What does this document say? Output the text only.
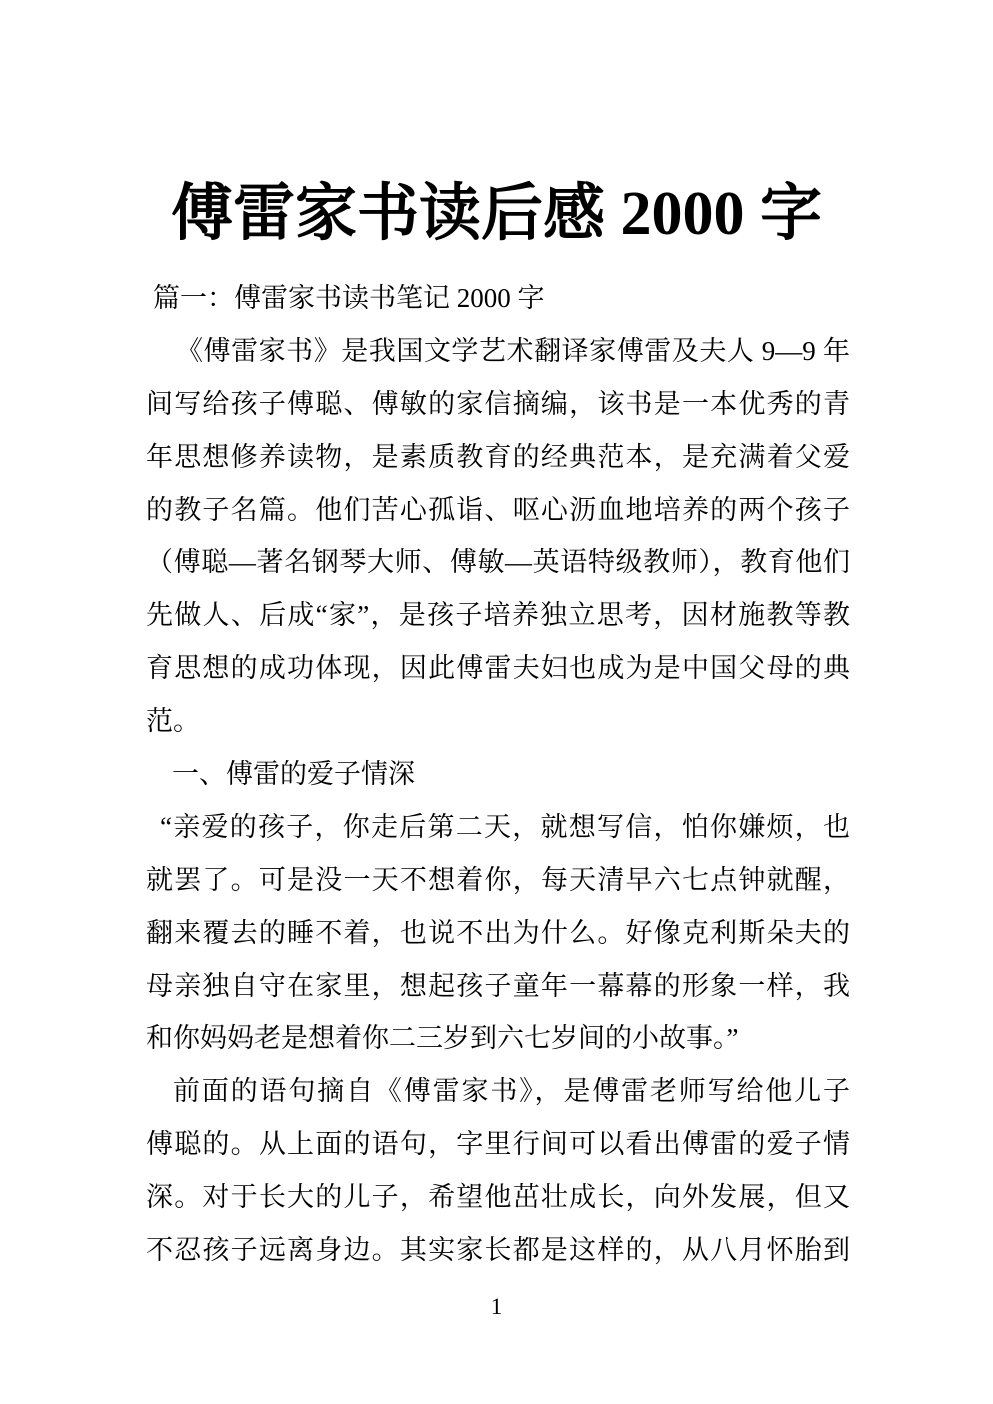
傅雷家书读后感 2000 字
篇一：傅雷家书读书笔记 2000 字
《傅雷家书》是我国文学艺术翻译家傅雷及夫人 9—9 年
间写给孩子傅聪、傅敏的家信摘编，该书是一本优秀的青
年思想修养读物，是素质教育的经典范本，是充满着父爱
的教子名篇。他们苦心孤诣、呕心沥血地培养的两个孩子
（傅聪—著名钢琴大师、傅敏—英语特级教师），教育他们
先做人、后成“家”，是孩子培养独立思考，因材施教等教
育思想的成功体现，因此傅雷夫妇也成为是中国父母的典
范。
一、傅雷的爱子情深
“亲爱的孩子，你走后第二天，就想写信，怕你嫌烦，也
就罢了。可是没一天不想着你，每天清早六七点钟就醒，
翻来覆去的睡不着，也说不出为什么。好像克利斯朵夫的
母亲独自守在家里，想起孩子童年一幕幕的形象一样，我
和你妈妈老是想着你二三岁到六七岁间的小故事。”
前面的语句摘自《傅雷家书》，是傅雷老师写给他儿子
傅聪的。从上面的语句，字里行间可以看出傅雷的爱子情
深。对于长大的儿子，希望他茁壮成长，向外发展，但又
不忍孩子远离身边。其实家长都是这样的，从八月怀胎到
1
